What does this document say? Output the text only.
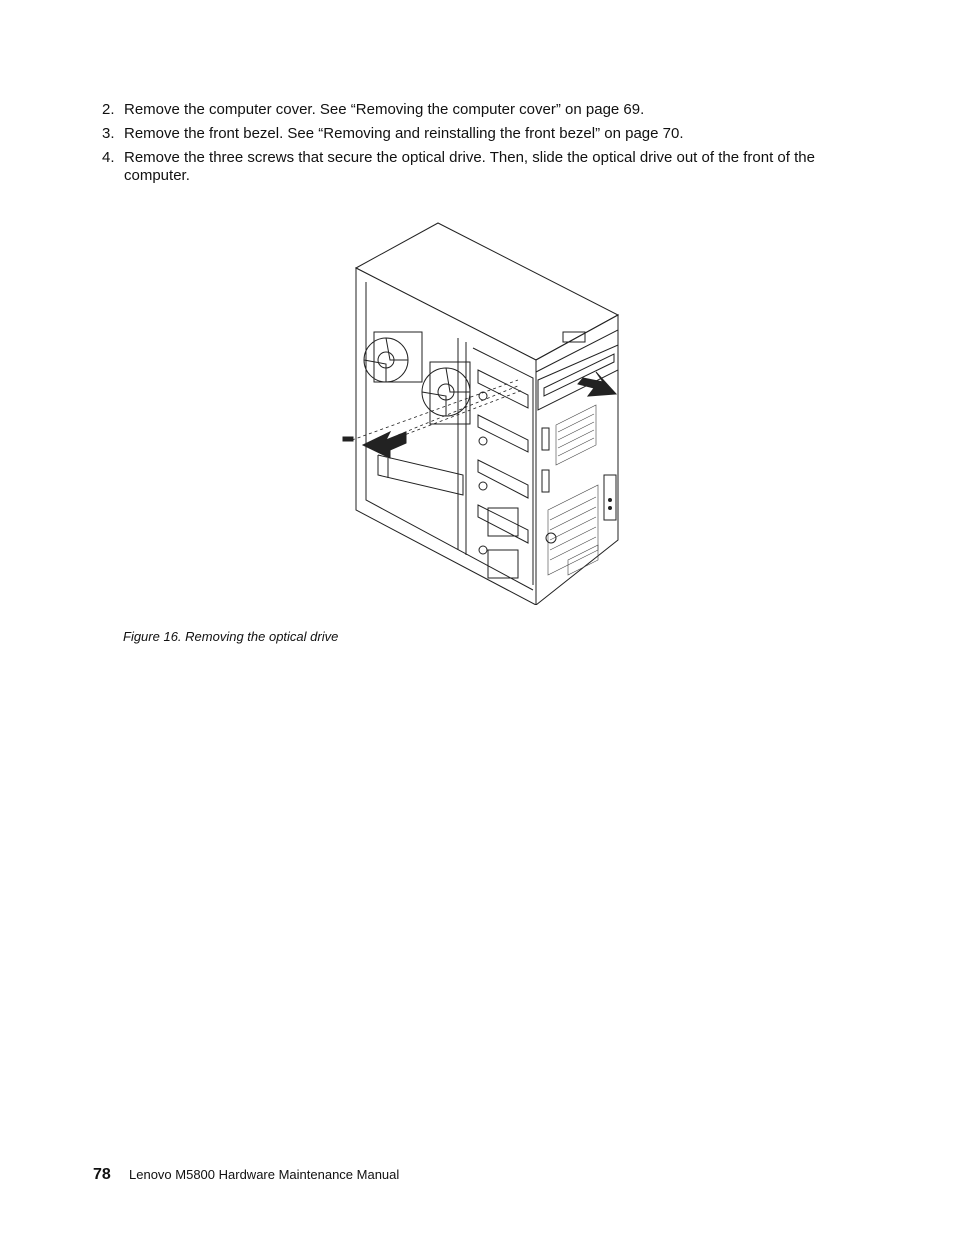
2. Remove the computer cover. See “Removing the computer cover” on page 69.
3. Remove the front bezel. See “Removing and reinstalling the front bezel” on page 70.
4. Remove the three screws that secure the optical drive. Then, slide the optical drive out of the front of the computer.
Figure 16. Removing the optical drive
78	Lenovo M5800 Hardware Maintenance Manual
